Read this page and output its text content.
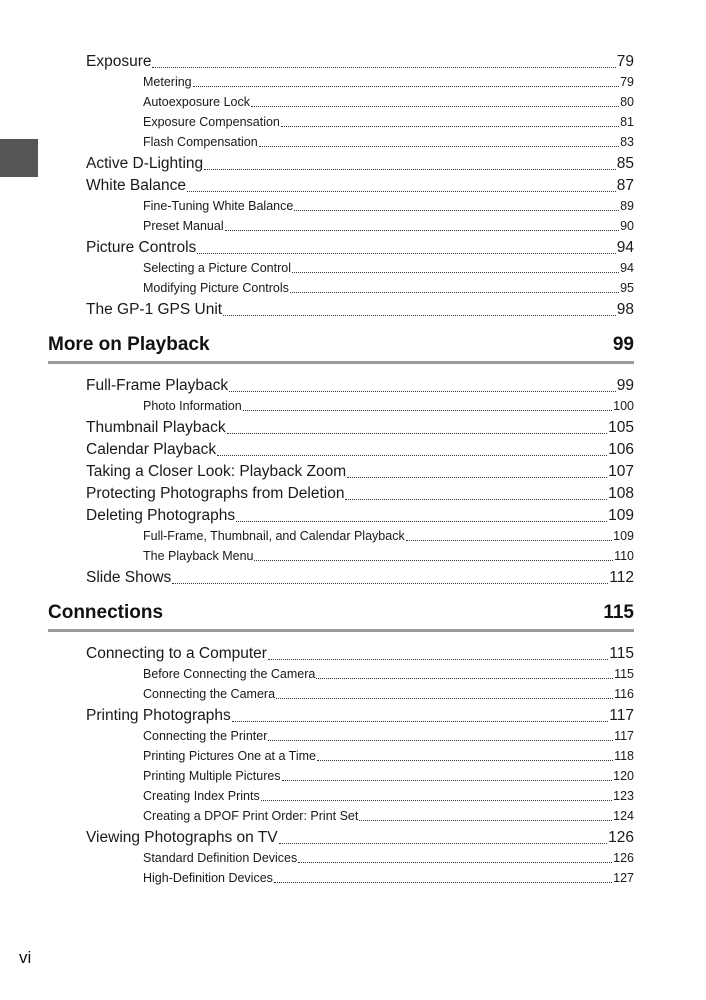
Exposure	79
Metering	79
Autoexposure Lock	80
Exposure Compensation	81
Flash Compensation	83
Active D-Lighting	85
White Balance	87
Fine-Tuning White Balance	89
Preset Manual	90
Picture Controls	94
Selecting a Picture Control	94
Modifying Picture Controls	95
The GP-1 GPS Unit	98
More on Playback	99
Full-Frame Playback	99
Photo Information	100
Thumbnail Playback	105
Calendar Playback	106
Taking a Closer Look: Playback Zoom	107
Protecting Photographs from Deletion	108
Deleting Photographs	109
Full-Frame, Thumbnail, and Calendar Playback	109
The Playback Menu	110
Slide Shows	112
Connections	115
Connecting to a Computer	115
Before Connecting the Camera	115
Connecting the Camera	116
Printing Photographs	117
Connecting the Printer	117
Printing Pictures One at a Time	118
Printing Multiple Pictures	120
Creating Index Prints	123
Creating a DPOF Print Order: Print Set	124
Viewing Photographs on TV	126
Standard Definition Devices	126
High-Definition Devices	127
vi
